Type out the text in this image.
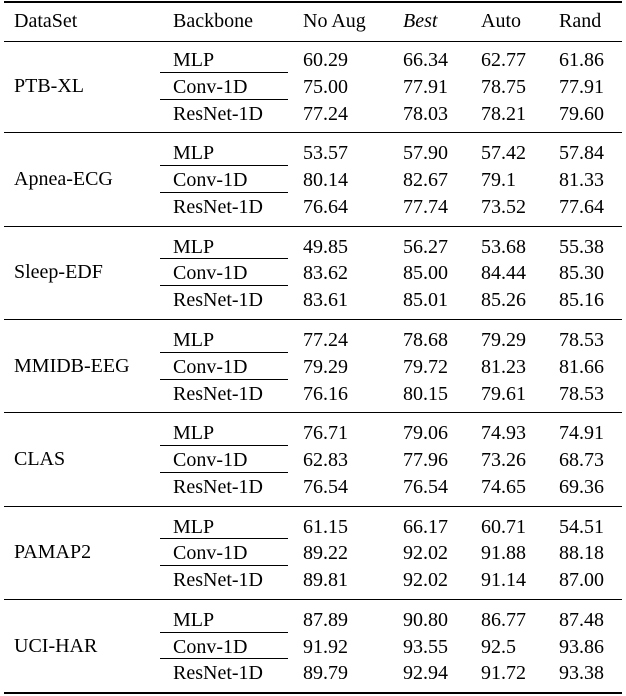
DataSet	Backbone	No Aug Best Auto Rand
PTB-XL
MLP	60.29	66.34 62.77 61.86
Conv-1D	75.00	77.91 78.75 77.91
ResNet-1D 77.24	78.03 78.21 79.60
Apnea-ECG
MLP	53.57	57.90 57.42 57.84
Conv-1D	80.14	82.67 79.1 81.33
ResNet-1D 76.64	77.74 73.52 77.64
Sleep-EDF
MLP	49.85	56.27 53.68 55.38
Conv-1D	83.62	85.00 84.44 85.30
ResNet-1D 83.61	85.01 85.26 85.16
MMIDB-EEG
MLP	77.24	78.68 79.29 78.53
Conv-1D	79.29	79.72 81.23 81.66
ResNet-1D 76.16	80.15 79.61 78.53
CLAS
MLP	76.71	79.06 74.93 74.91
Conv-1D	62.83	77.96 73.26 68.73
ResNet-1D 76.54	76.54 74.65 69.36
PAMAP2
MLP	61.15	66.17 60.71 54.51
Conv-1D	89.22	92.02 91.88 88.18
ResNet-1D 89.81	92.02 91.14 87.00
UCI-HAR
MLP	87.89	90.80 86.77 87.48
Conv-1D	91.92	93.55 92.5 93.86
ResNet-1D 89.79	92.94 91.72 93.38
